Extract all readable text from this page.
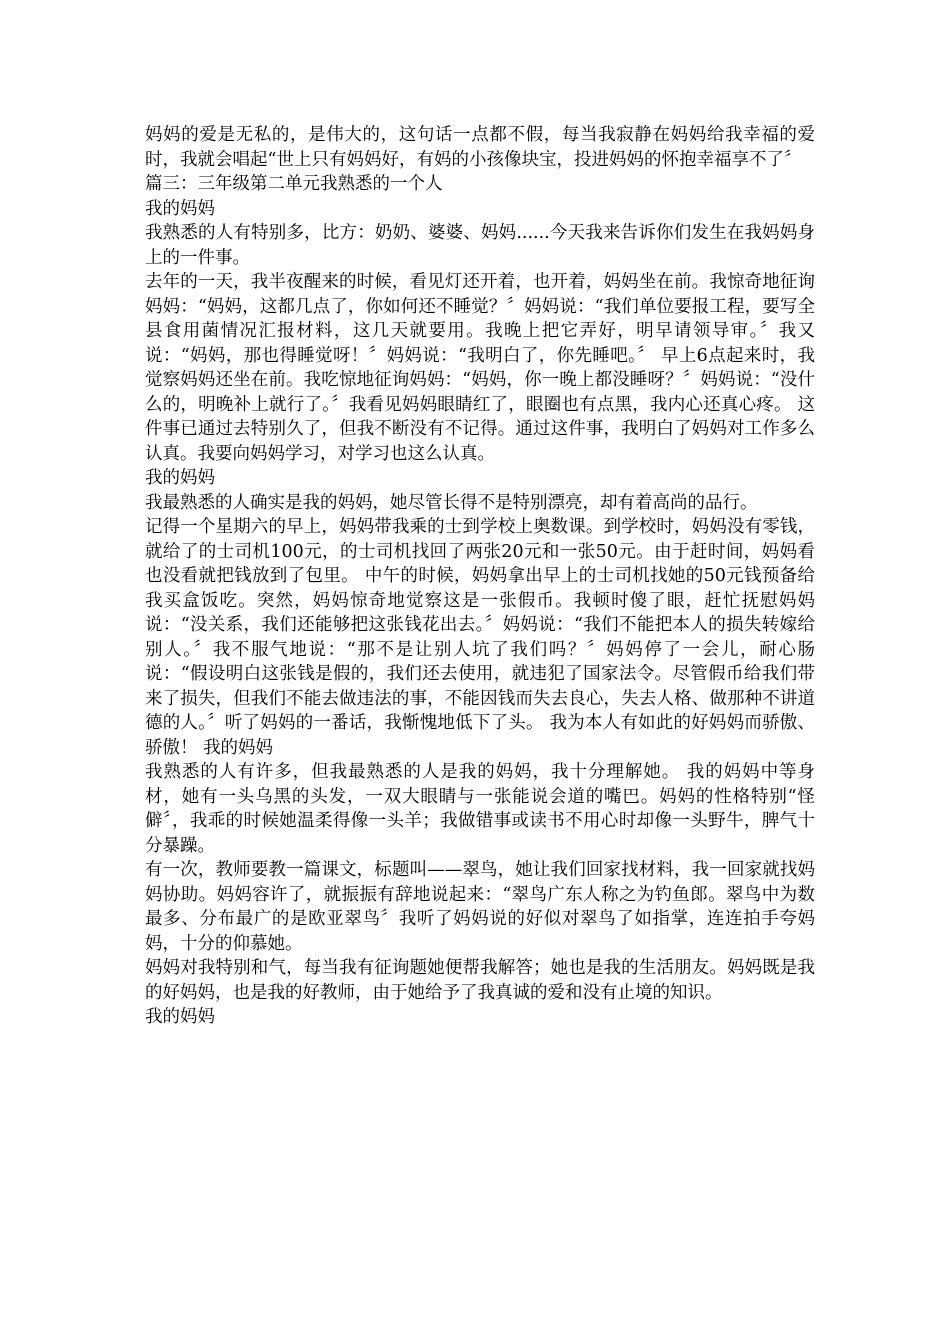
妈妈的爱是无私的，是伟大的，这句话一点都不假，每当我寂静在妈妈给我幸福的爱时，我就会唱起“世上只有妈妈好，有妈的小孩像块宝，投进妈妈的怀抱幸福享不了〞

篇三：三年级第二单元我熟悉的一个人

我的妈妈

我熟悉的人有特别多，比方：奶奶、婆婆、妈妈......今天我来告诉你们发生在我妈妈身上的一件事。

去年的一天，我半夜醒来的时候，看见灯还开着，也开着，妈妈坐在前。我惊奇地征询妈妈：“妈妈，这都几点了，你如何还不睡觉？〞妈妈说：“我们单位要报工程，要写全县食用菌情况汇报材料，这几天就要用。我晚上把它弄好，明早请领导审。〞我又说：“妈妈，那也得睡觉呀！〞妈妈说：“我明白了，你先睡吧。〞 早上6点起来时，我觉察妈妈还坐在前。我吃惊地征询妈妈：“妈妈，你一晚上都没睡呀？〞妈妈说：“没什么的，明晚补上就行了。〞我看见妈妈眼睛红了，眼圈也有点黑，我内心还真心疼。 这件事已通过去特别久了，但我不断没有不记得。通过这件事，我明白了妈妈对工作多么认真。我要向妈妈学习，对学习也这么认真。

我的妈妈

我最熟悉的人确实是我的妈妈，她尽管长得不是特别漂亮，却有着高尚的品行。

记得一个星期六的早上，妈妈带我乘的士到学校上奥数课。到学校时，妈妈没有零钱，就给了的士司机100元，的士司机找回了两张20元和一张50元。由于赶时间，妈妈看也没看就把钱放到了包里。 中午的时候，妈妈拿出早上的士司机找她的50元钱预备给我买盒饭吃。突然，妈妈惊奇地觉察这是一张假币。我顿时傻了眼，赶忙抚慰妈妈说：“没关系，我们还能够把这张钱花出去。〞妈妈说：“我们不能把本人的损失转嫁给别人。〞我不服气地说：“那不是让别人坑了我们吗？〞妈妈停了一会儿，耐心肠说：“假设明白这张钱是假的，我们还去使用，就违犯了国家法令。尽管假币给我们带来了损失，但我们不能去做违法的事，不能因钱而失去良心，失去人格、做那种不讲道德的人。〞听了妈妈的一番话，我惭愧地低下了头。 我为本人有如此的好妈妈而骄傲、骄傲！ 我的妈妈

我熟悉的人有许多，但我最熟悉的人是我的妈妈，我十分理解她。 我的妈妈中等身材，她有一头乌黑的头发，一双大眼睛与一张能说会道的嘴巴。妈妈的性格特别“怪僻〞，我乖的时候她温柔得像一头羊；我做错事或读书不用心时却像一头野牛，脾气十分暴躁。

有一次，教师要教一篇课文，标题叫——翠鸟，她让我们回家找材料，我一回家就找妈妈协助。妈妈容许了，就振振有辞地说起来：“翠鸟广东人称之为钓鱼郎。翠鸟中为数最多、分布最广的是欧亚翠鸟〞我听了妈妈说的好似对翠鸟了如指掌，连连拍手夸妈妈，十分的仰慕她。

妈妈对我特别和气，每当我有征询题她便帮我解答；她也是我的生活朋友。妈妈既是我的好妈妈，也是我的好教师，由于她给予了我真诚的爱和没有止境的知识。

我的妈妈
